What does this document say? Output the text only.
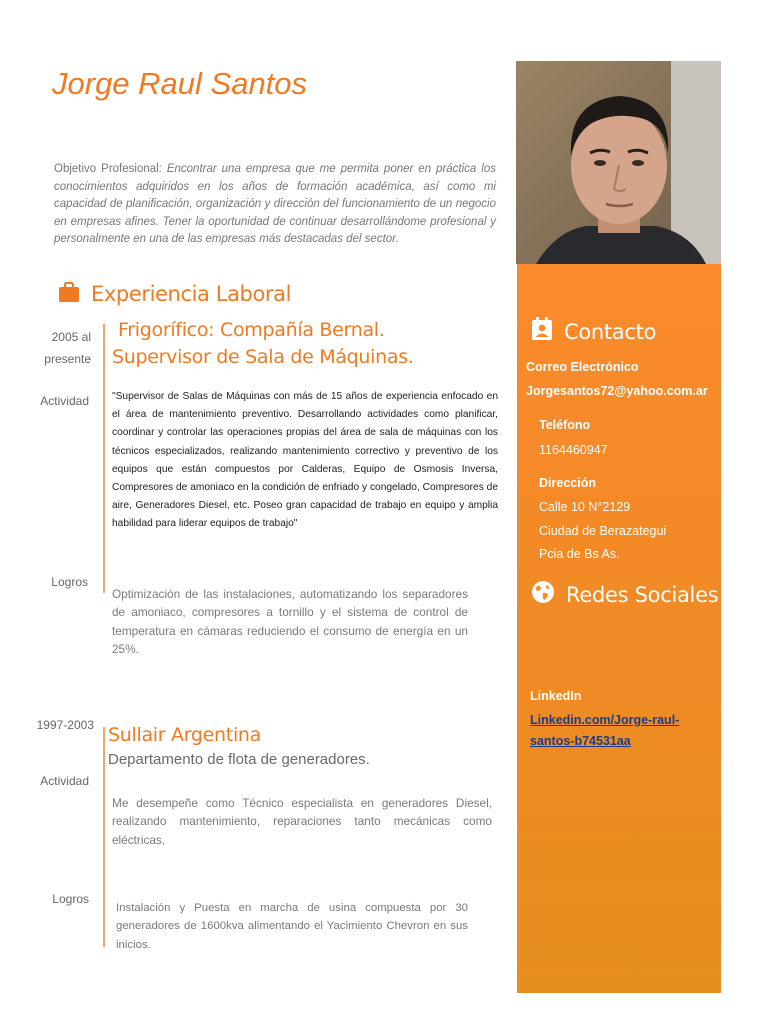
Jorge Raul Santos
Objetivo Profesional: Encontrar una empresa que me permita poner en práctica los conocimientos adquiridos en los años de formación académica, así como mi capacidad de planificación, organización y dirección del funcionamiento de un negocio en empresas afines. Tener la oportunidad de continuar desarrollándome profesional y personalmente en una de las empresas más destacadas del sector.
Experiencia Laboral
2005 al
presente
Frigorífico: Compañía Bernal.
Supervisor de Sala de Máquinas.
Actividad "Supervisor de Salas de Máquinas con más de 15 años de experiencia enfocado en el área de mantenimiento preventivo. Desarrollando actividades como planificar, coordinar y controlar las operaciones propias del área de sala de máquinas con los técnicos especializados, realizando mantenimiento correctivo y preventivo de los equipos que están compuestos por Calderas, Equipo de Osmosis Inversa, Compresores de amoniaco en la condición de enfriado y congelado, Compresores de aire, Generadores Diesel, etc. Poseo gran capacidad de trabajo en equipo y amplia habilidad para liderar equipos de trabajo"
Logros
Optimización de las instalaciones, automatizando los separadores de amoniaco, compresores a tornillo y el sistema de control de temperatura en cámaras reduciendo el consumo de energía en un 25%.
1997-2003 Sullair Argentina
Departamento de flota de generadores.
Actividad
Me desempeñe como Técnico especialista en generadores Diesel, realizando mantenimiento, reparaciones tanto mecánicas como eléctricas.
Logros
Instalación y Puesta en marcha de usina compuesta por 30 generadores de 1600kva alimentando el Yacimiento Chevron en sus inicios.
Contacto
Correo Electrónico
Jorgesantos72@yahoo.com.ar
Teléfono
1164460947
Dirección
Calle 10 N°2129
Ciudad de Berazategui
Pcia de Bs As.
Redes Sociales
LinkedIn
Linkedin.com/Jorge-raul-
santos-b74531aa
